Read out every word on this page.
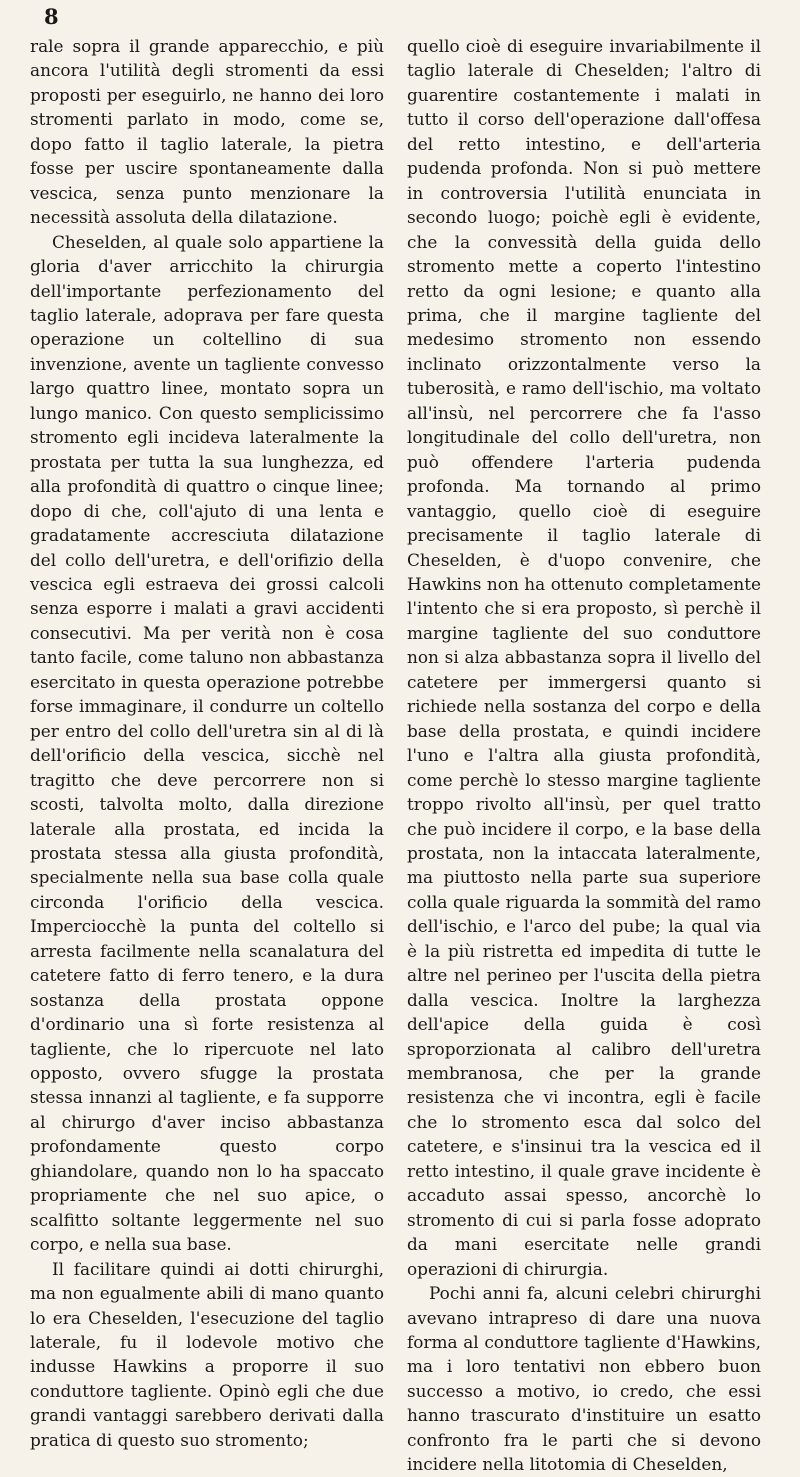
8

rale sopra il grande apparecchio, e più ancora l'utilità degli stromenti da essi proposti per eseguirlo, ne hanno dei loro stromenti parlato in modo, come se, dopo fatto il taglio laterale, la pietra fosse per uscire spontaneamente dalla vescica, senza punto menzionare la necessità assoluta della dilatazione.

Cheselden, al quale solo appartiene la gloria d'aver arricchito la chirurgia dell'importante perfezionamento del taglio laterale, adoprava per fare questa operazione un coltellino di sua invenzione, avente un tagliente convesso largo quattro linee, montato sopra un lungo manico. Con questo semplicissimo stromento egli incideva lateralmente la prostata per tutta la sua lunghezza, ed alla profondità di quattro o cinque linee; dopo di che, coll'ajuto di una lenta e gradatamente accresciuta dilatazione del collo dell'uretra, e dell'orifizio della vescica egli estraeva dei grossi calcoli senza esporre i malati a gravi accidenti consecutivi. Ma per verità non è cosa tanto facile, come taluno non abbastanza esercitato in questa operazione potrebbe forse immaginare, il condurre un coltello per entro del collo dell'uretra sin al di là dell'orificio della vescica, sicchè nel tragitto che deve percorrere non si scosti, talvolta molto, dalla direzione laterale alla prostata, ed incida la prostata stessa alla giusta profondità, specialmente nella sua base colla quale circonda l'orificio della vescica. Imperciocchè la punta del coltello si arresta facilmente nella scanalatura del catetere fatto di ferro tenero, e la dura sostanza della prostata oppone d'ordinario una sì forte resistenza al tagliente, che lo ripercuote nel lato opposto, ovvero sfugge la prostata stessa innanzi al tagliente, e fa supporre al chirurgo d'aver inciso abbastanza profondamente questo corpo ghiandolare, quando non lo ha spaccato propriamente che nel suo apice, o scalfitto soltante leggermente nel suo corpo, e nella sua base.

Il facilitare quindi ai dotti chirurghi, ma non egualmente abili di mano quanto lo era Cheselden, l'esecuzione del taglio laterale, fu il lodevole motivo che indusse Hawkins a proporre il suo conduttore tagliente. Opinò egli che due grandi vantaggi sarebbero derivati dalla pratica di questo suo stromento;

quello cioè di eseguire invariabilmente il taglio laterale di Cheselden; l'altro di guarentire costantemente i malati in tutto il corso dell'operazione dall'offesa del retto intestino, e dell'arteria pudenda profonda. Non si può mettere in controversia l'utilità enunciata in secondo luogo; poichè egli è evidente, che la convessità della guida dello stromento mette a coperto l'intestino retto da ogni lesione; e quanto alla prima, che il margine tagliente del medesimo stromento non essendo inclinato orizzontalmente verso la tuberosità, e ramo dell'ischio, ma voltato all'insù, nel percorrere che fa l'asso longitudinale del collo dell'uretra, non può offendere l'arteria pudenda profonda. Ma tornando al primo vantaggio, quello cioè di eseguire precisamente il taglio laterale di Cheselden, è d'uopo convenire, che Hawkins non ha ottenuto completamente l'intento che si era proposto, sì perchè il margine tagliente del suo conduttore non si alza abbastanza sopra il livello del catetere per immergersi quanto si richiede nella sostanza del corpo e della base della prostata, e quindi incidere l'uno e l'altra alla giusta profondità, come perchè lo stesso margine tagliente troppo rivolto all'insù, per quel tratto che può incidere il corpo, e la base della prostata, non la intaccata lateralmente, ma piuttosto nella parte sua superiore colla quale riguarda la sommità del ramo dell'ischio, e l'arco del pube; la qual via è la più ristretta ed impedita di tutte le altre nel perineo per l'uscita della pietra dalla vescica. Inoltre la larghezza dell'apice della guida è così sproporzionata al calibro dell'uretra membranosa, che per la grande resistenza che vi incontra, egli è facile che lo stromento esca dal solco del catetere, e s'insinui tra la vescica ed il retto intestino, il quale grave incidente è accaduto assai spesso, ancorchè lo stromento di cui si parla fosse adoprato da mani esercitate nelle grandi operazioni di chirurgia.

Pochi anni fa, alcuni celebri chirurghi avevano intrapreso di dare una nuova forma al conduttore tagliente d'Hawkins, ma i loro tentativi non ebbero buon successo a motivo, io credo, che essi hanno trascurato d'instituire un esatto confronto fra le parti che si devono incidere nella litotomia di Cheselden,
